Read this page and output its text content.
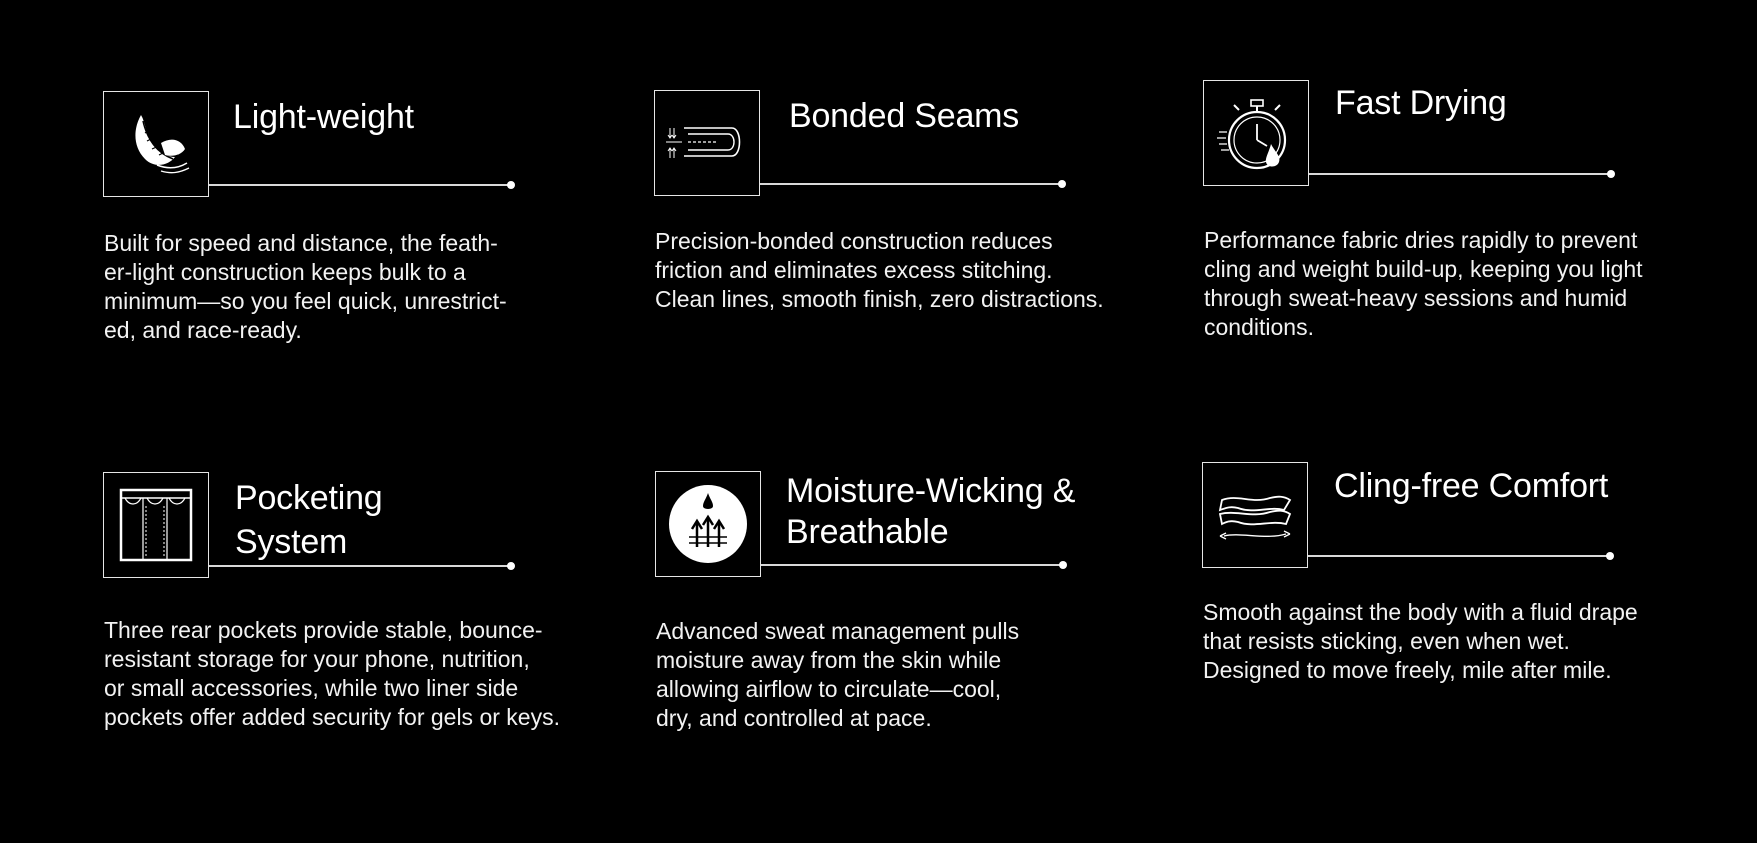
Light-weight
Built for speed and distance, the feath-
er-light construction keeps bulk to a
minimum—so you feel quick, unrestrict-
ed, and race-ready.
Bonded Seams
Precision-bonded construction reduces
friction and eliminates excess stitching.
Clean lines, smooth finish, zero distractions.
Fast Drying
Performance fabric dries rapidly to prevent
cling and weight build-up, keeping you light
through sweat-heavy sessions and humid
conditions.
Pocketing
System
Three rear pockets provide stable, bounce-
resistant storage for your phone, nutrition,
or small accessories, while two liner side
pockets offer added security for gels or keys.
Moisture-Wicking &
Breathable
Advanced sweat management pulls
moisture away from the skin while
allowing airflow to circulate—cool,
dry, and controlled at pace.
Cling-free Comfort
Smooth against the body with a fluid drape
that resists sticking, even when wet.
Designed to move freely, mile after mile.
